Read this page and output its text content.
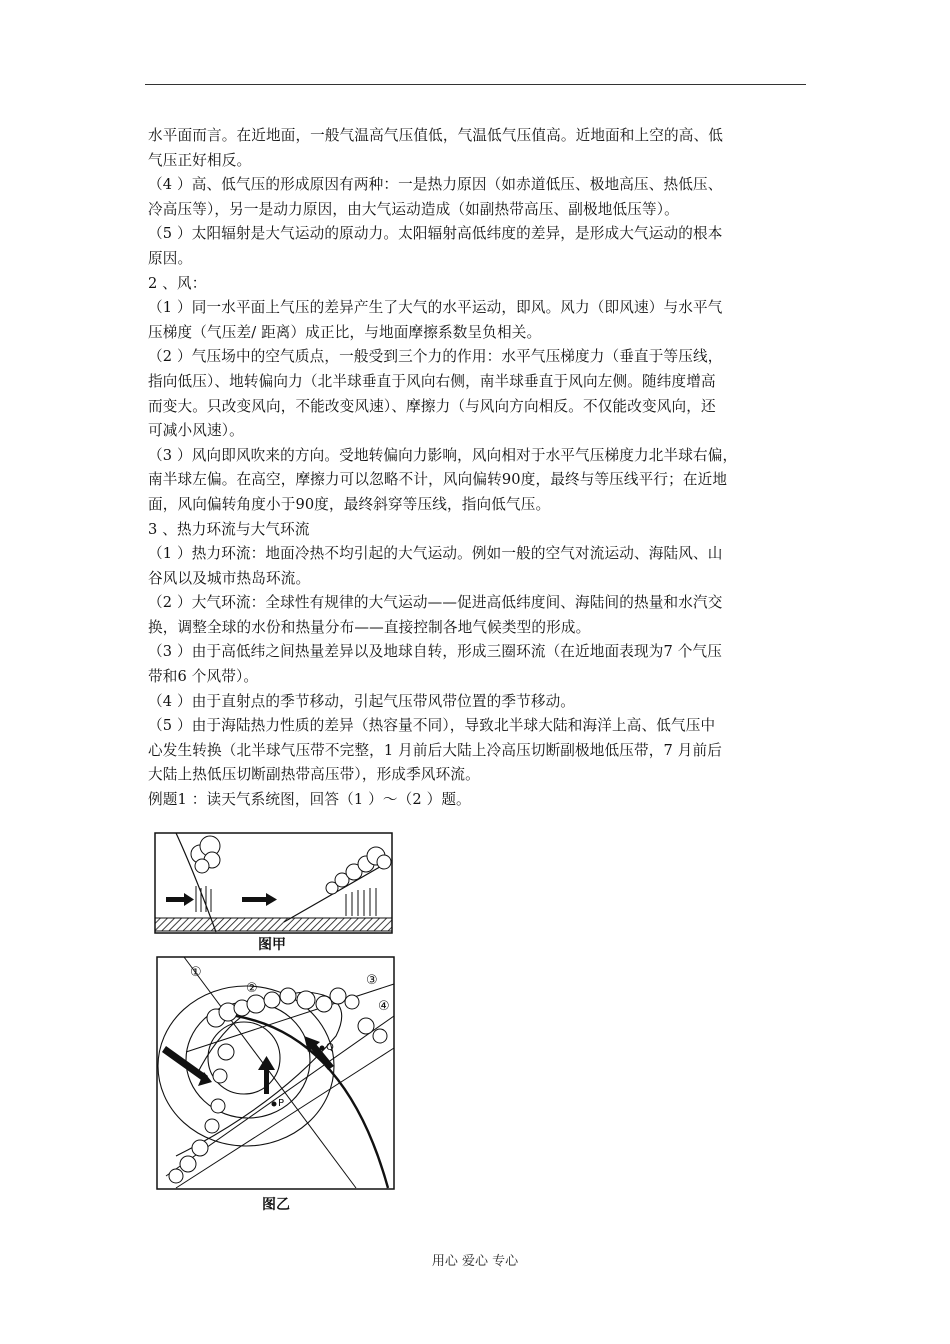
水平面而言。在近地面，一般气温高气压值低，气温低气压值高。近地面和上空的高、低

气压正好相反。

（4 ）高、低气压的形成原因有两种：一是热力原因（如赤道低压、极地高压、热低压、

冷高压等），另一是动力原因，由大气运动造成（如副热带高压、副极地低压等）。

（5 ）太阳辐射是大气运动的原动力。太阳辐射高低纬度的差异，是形成大气运动的根本

原因。

2 、风：

（1 ）同一水平面上气压的差异产生了大气的水平运动，即风。风力（即风速）与水平气

压梯度（气压差/ 距离）成正比，与地面摩擦系数呈负相关。

（2 ）气压场中的空气质点，一般受到三个力的作用：水平气压梯度力（垂直于等压线，

指向低压）、地转偏向力（北半球垂直于风向右侧，南半球垂直于风向左侧。随纬度增高

而变大。只改变风向，不能改变风速）、摩擦力（与风向方向相反。不仅能改变风向，还

可减小风速）。

（3 ）风向即风吹来的方向。受地转偏向力影响，风向相对于水平气压梯度力北半球右偏，

南半球左偏。在高空，摩擦力可以忽略不计，风向偏转90度，最终与等压线平行；在近地

面，风向偏转角度小于90度，最终斜穿等压线，指向低气压。

3 、热力环流与大气环流

（1 ）热力环流：地面冷热不均引起的大气运动。例如一般的空气对流运动、海陆风、山

谷风以及城市热岛环流。

（2 ）大气环流：全球性有规律的大气运动——促进高低纬度间、海陆间的热量和水汽交

换，调整全球的水份和热量分布——直接控制各地气候类型的形成。

（3 ）由于高低纬之间热量差异以及地球自转，形成三圈环流（在近地面表现为7 个气压

带和6 个风带）。

（4 ）由于直射点的季节移动，引起气压带风带位置的季节移动。

（5 ）由于海陆热力性质的差异（热容量不同），导致北半球大陆和海洋上高、低气压中

心发生转换（北半球气压带不完整，1 月前后大陆上冷高压切断副极地低压带，7 月前后

大陆上热低压切断副热带高压带），形成季风环流。

例题1 ：读天气系统图，回答（1 ）～（2 ）题。

图甲
①
②
③
④
P
Q
图乙
用心 爱心 专心
